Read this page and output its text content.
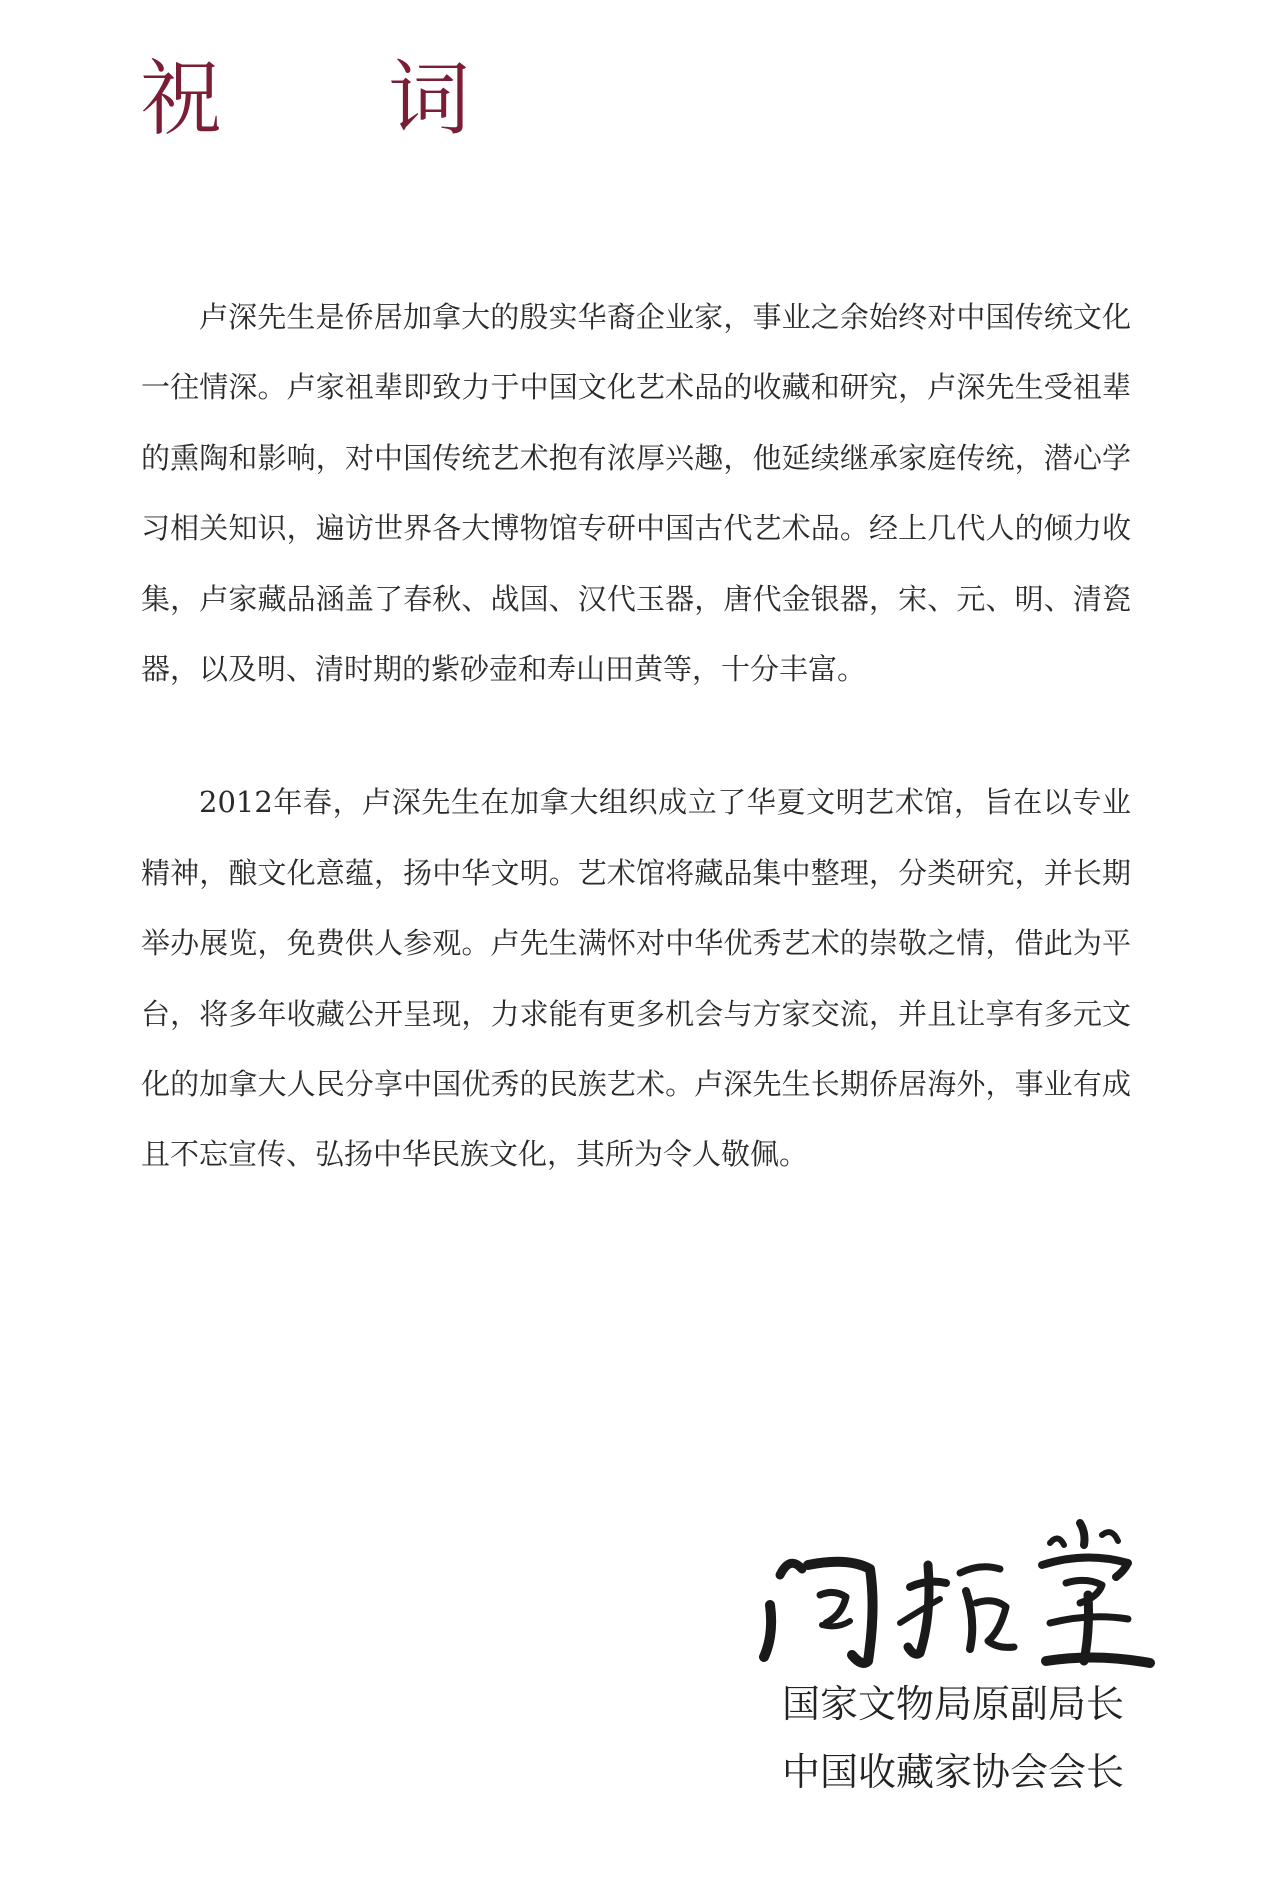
祝 词

卢深先生是侨居加拿大的殷实华裔企业家，事业之余始终对中国传统文化一往情深。卢家祖辈即致力于中国文化艺术品的收藏和研究，卢深先生受祖辈的熏陶和影响，对中国传统艺术抱有浓厚兴趣，他延续继承家庭传统，潜心学习相关知识，遍访世界各大博物馆专研中国古代艺术品。经上几代人的倾力收集，卢家藏品涵盖了春秋、战国、汉代玉器，唐代金银器，宋、元、明、清瓷器，以及明、清时期的紫砂壶和寿山田黄等，十分丰富。

2012年春，卢深先生在加拿大组织成立了华夏文明艺术馆，旨在以专业精神，酿文化意蕴，扬中华文明。艺术馆将藏品集中整理，分类研究，并长期举办展览，免费供人参观。卢先生满怀对中华优秀艺术的崇敬之情，借此为平台，将多年收藏公开呈现，力求能有更多机会与方家交流，并且让享有多元文化的加拿大人民分享中国优秀的民族艺术。卢深先生长期侨居海外，事业有成且不忘宣传、弘扬中华民族文化，其所为令人敬佩。

国家文物局原副局长
中国收藏家协会会长
